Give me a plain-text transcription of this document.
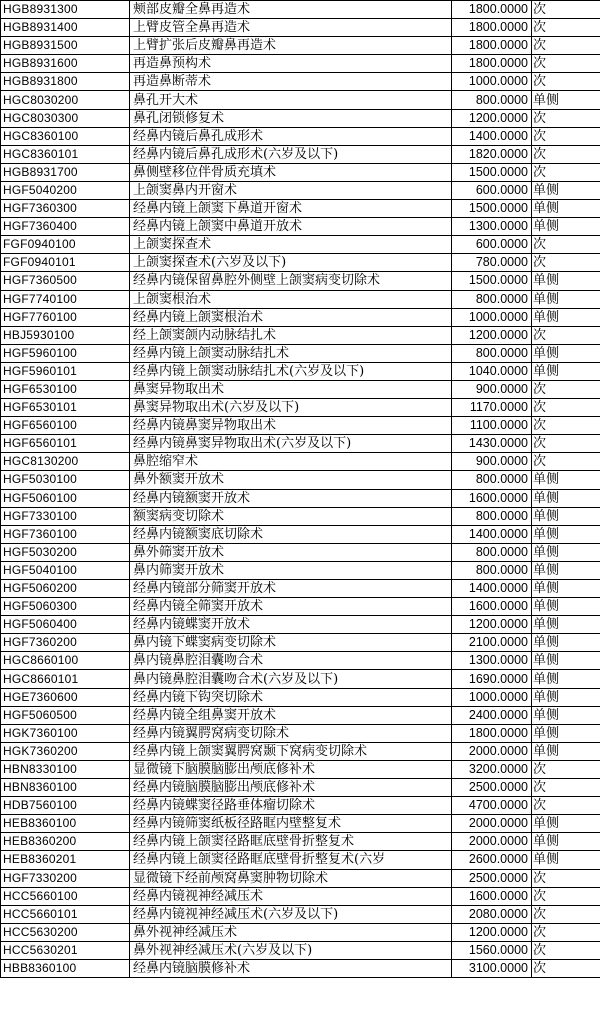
HGB8931300	颊部皮瓣全鼻再造术	1800.0000	次
HGB8931400	上臂皮管全鼻再造术	1800.0000	次
HGB8931500	上臂扩张后皮瓣鼻再造术	1800.0000	次
HGB8931600	再造鼻预构术	1800.0000	次
HGB8931800	再造鼻断蒂术	1000.0000	次
HGC8030200	鼻孔开大术	800.0000	单侧
HGC8030300	鼻孔闭锁修复术	1200.0000	次
HGC8360100	经鼻内镜后鼻孔成形术	1400.0000	次
HGC8360101	经鼻内镜后鼻孔成形术(六岁及以下)	1820.0000	次
HGB8931700	鼻侧壁移位伴骨质充填术	1500.0000	次
HGF5040200	上颌窦鼻内开窗术	600.0000	单侧
HGF7360300	经鼻内镜上颌窦下鼻道开窗术	1500.0000	单侧
HGF7360400	经鼻内镜上颌窦中鼻道开放术	1300.0000	单侧
FGF0940100	上颌窦探查术	600.0000	次
FGF0940101	上颌窦探查术(六岁及以下)	780.0000	次
HGF7360500	经鼻内镜保留鼻腔外侧壁上颌窦病变切除术	1500.0000	单侧
HGF7740100	上颌窦根治术	800.0000	单侧
HGF7760100	经鼻内镜上颌窦根治术	1000.0000	单侧
HBJ5930100	经上颌窦颌内动脉结扎术	1200.0000	次
HGF5960100	经鼻内镜上颌窦动脉结扎术	800.0000	单侧
HGF5960101	经鼻内镜上颌窦动脉结扎术(六岁及以下)	1040.0000	单侧
HGF6530100	鼻窦异物取出术	900.0000	次
HGF6530101	鼻窦异物取出术(六岁及以下)	1170.0000	次
HGF6560100	经鼻内镜鼻窦异物取出术	1100.0000	次
HGF6560101	经鼻内镜鼻窦异物取出术(六岁及以下)	1430.0000	次
HGC8130200	鼻腔缩窄术	900.0000	次
HGF5030100	鼻外额窦开放术	800.0000	单侧
HGF5060100	经鼻内镜额窦开放术	1600.0000	单侧
HGF7330100	额窦病变切除术	800.0000	单侧
HGF7360100	经鼻内镜额窦底切除术	1400.0000	单侧
HGF5030200	鼻外筛窦开放术	800.0000	单侧
HGF5040100	鼻内筛窦开放术	800.0000	单侧
HGF5060200	经鼻内镜部分筛窦开放术	1400.0000	单侧
HGF5060300	经鼻内镜全筛窦开放术	1600.0000	单侧
HGF5060400	经鼻内镜蝶窦开放术	1200.0000	单侧
HGF7360200	鼻内镜下蝶窦病变切除术	2100.0000	单侧
HGC8660100	鼻内镜鼻腔泪囊吻合术	1300.0000	单侧
HGC8660101	鼻内镜鼻腔泪囊吻合术(六岁及以下)	1690.0000	单侧
HGE7360600	经鼻内镜下钩突切除术	1000.0000	单侧
HGF5060500	经鼻内镜全组鼻窦开放术	2400.0000	单侧
HGK7360100	经鼻内镜翼腭窝病变切除术	1800.0000	单侧
HGK7360200	经鼻内镜上颌窦翼腭窝颞下窝病变切除术	2000.0000	单侧
HBN8330100	显微镜下脑膜脑膨出颅底修补术	3200.0000	次
HBN8360100	经鼻内镜脑膜脑膨出颅底修补术	2500.0000	次
HDB7560100	经鼻内镜蝶窦径路垂体瘤切除术	4700.0000	次
HEB8360100	经鼻内镜筛窦纸板径路眶内壁整复术	2000.0000	单侧
HEB8360200	经鼻内镜上颌窦径路眶底壁骨折整复术	2000.0000	单侧
HEB8360201	经鼻内镜上颌窦径路眶底壁骨折整复术(六岁	2600.0000	单侧
HGF7330200	显微镜下经前颅窝鼻窦肿物切除术	2500.0000	次
HCC5660100	经鼻内镜视神经减压术	1600.0000	次
HCC5660101	经鼻内镜视神经减压术(六岁及以下)	2080.0000	次
HCC5630200	鼻外视神经减压术	1200.0000	次
HCC5630201	鼻外视神经减压术(六岁及以下)	1560.0000	次
HBB8360100	经鼻内镜脑膜修补术	3100.0000	次
